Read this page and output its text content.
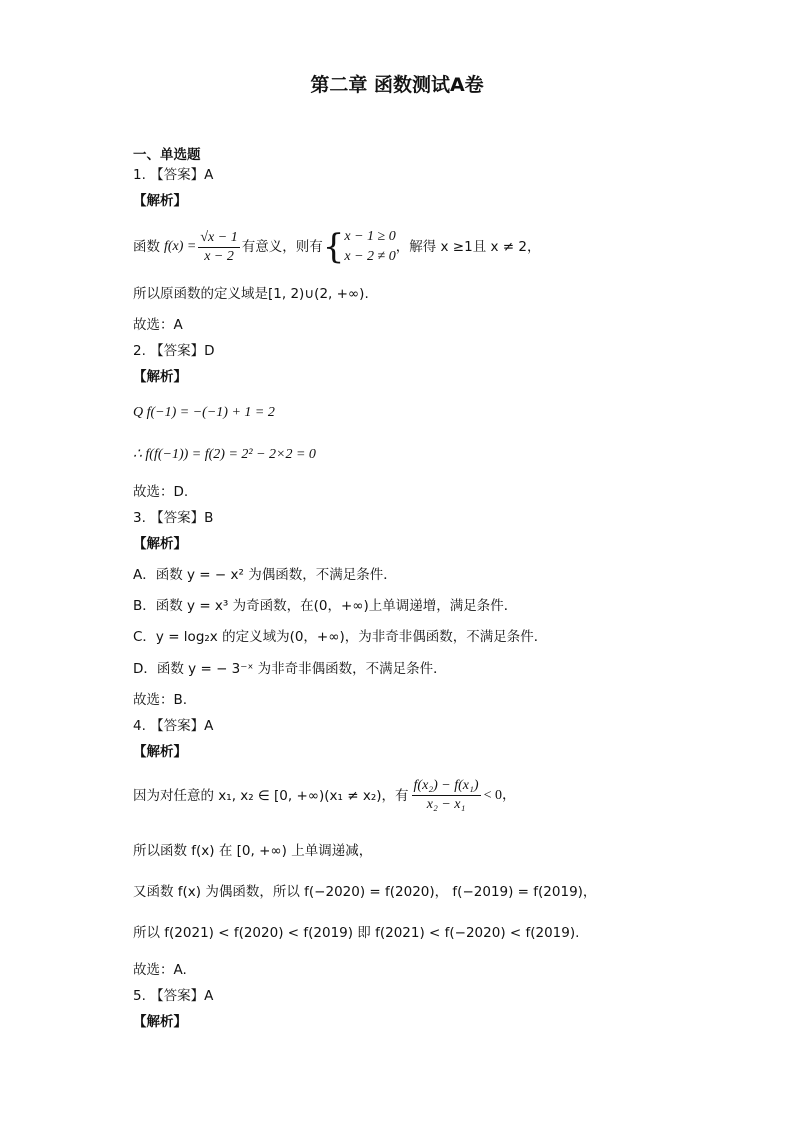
第二章 函数测试A卷
一、单选题
1. 【答案】A
【解析】
函数 $f(x) = \frac{√x - 1}{x - 2}$ 有意义，则有 { x − 1 ≥ 0
x − 2 ≠ 0
，解得 x ≥1且 x ≠ 2，
所以原函数的定义域是[1, 2)∪(2, +∞).
故选：A
2. 【答案】D
【解析】
Q f(−1) = −(−1) + 1 = 2
∴ f(f(−1)) = f(2) = 2² − 2×2 = 0
故选：D.
3. 【答案】B
【解析】
A．函数 y = − x² 为偶函数，不满足条件．
B．函数 y = x³ 为奇函数，在(0，+∞)上单调递增，满足条件．
C．y = log₂x 的定义域为(0，+∞)，为非奇非偶函数，不满足条件．
D．函数 y = − 3⁻ˣ 为非奇非偶函数，不满足条件．
故选：B.
4. 【答案】A
【解析】
因为对任意的 x₁, x₂ ∈ [0, +∞)(x₁ ≠ x₂)，有 $\frac{\text{f(x₂) − f(x₁)}}{\text{x₂ − x₁}} < 0$，
所以函数 f(x) 在 [0, +∞) 上单调递减，
又函数 f(x) 为偶函数，所以 f(−2020) = f(2020)， f(−2019) = f(2019)，
所以 f(2021) < f(2020) < f(2019) 即 f(2021) < f(−2020) < f(2019).
故选：A.
5. 【答案】A
【解析】
